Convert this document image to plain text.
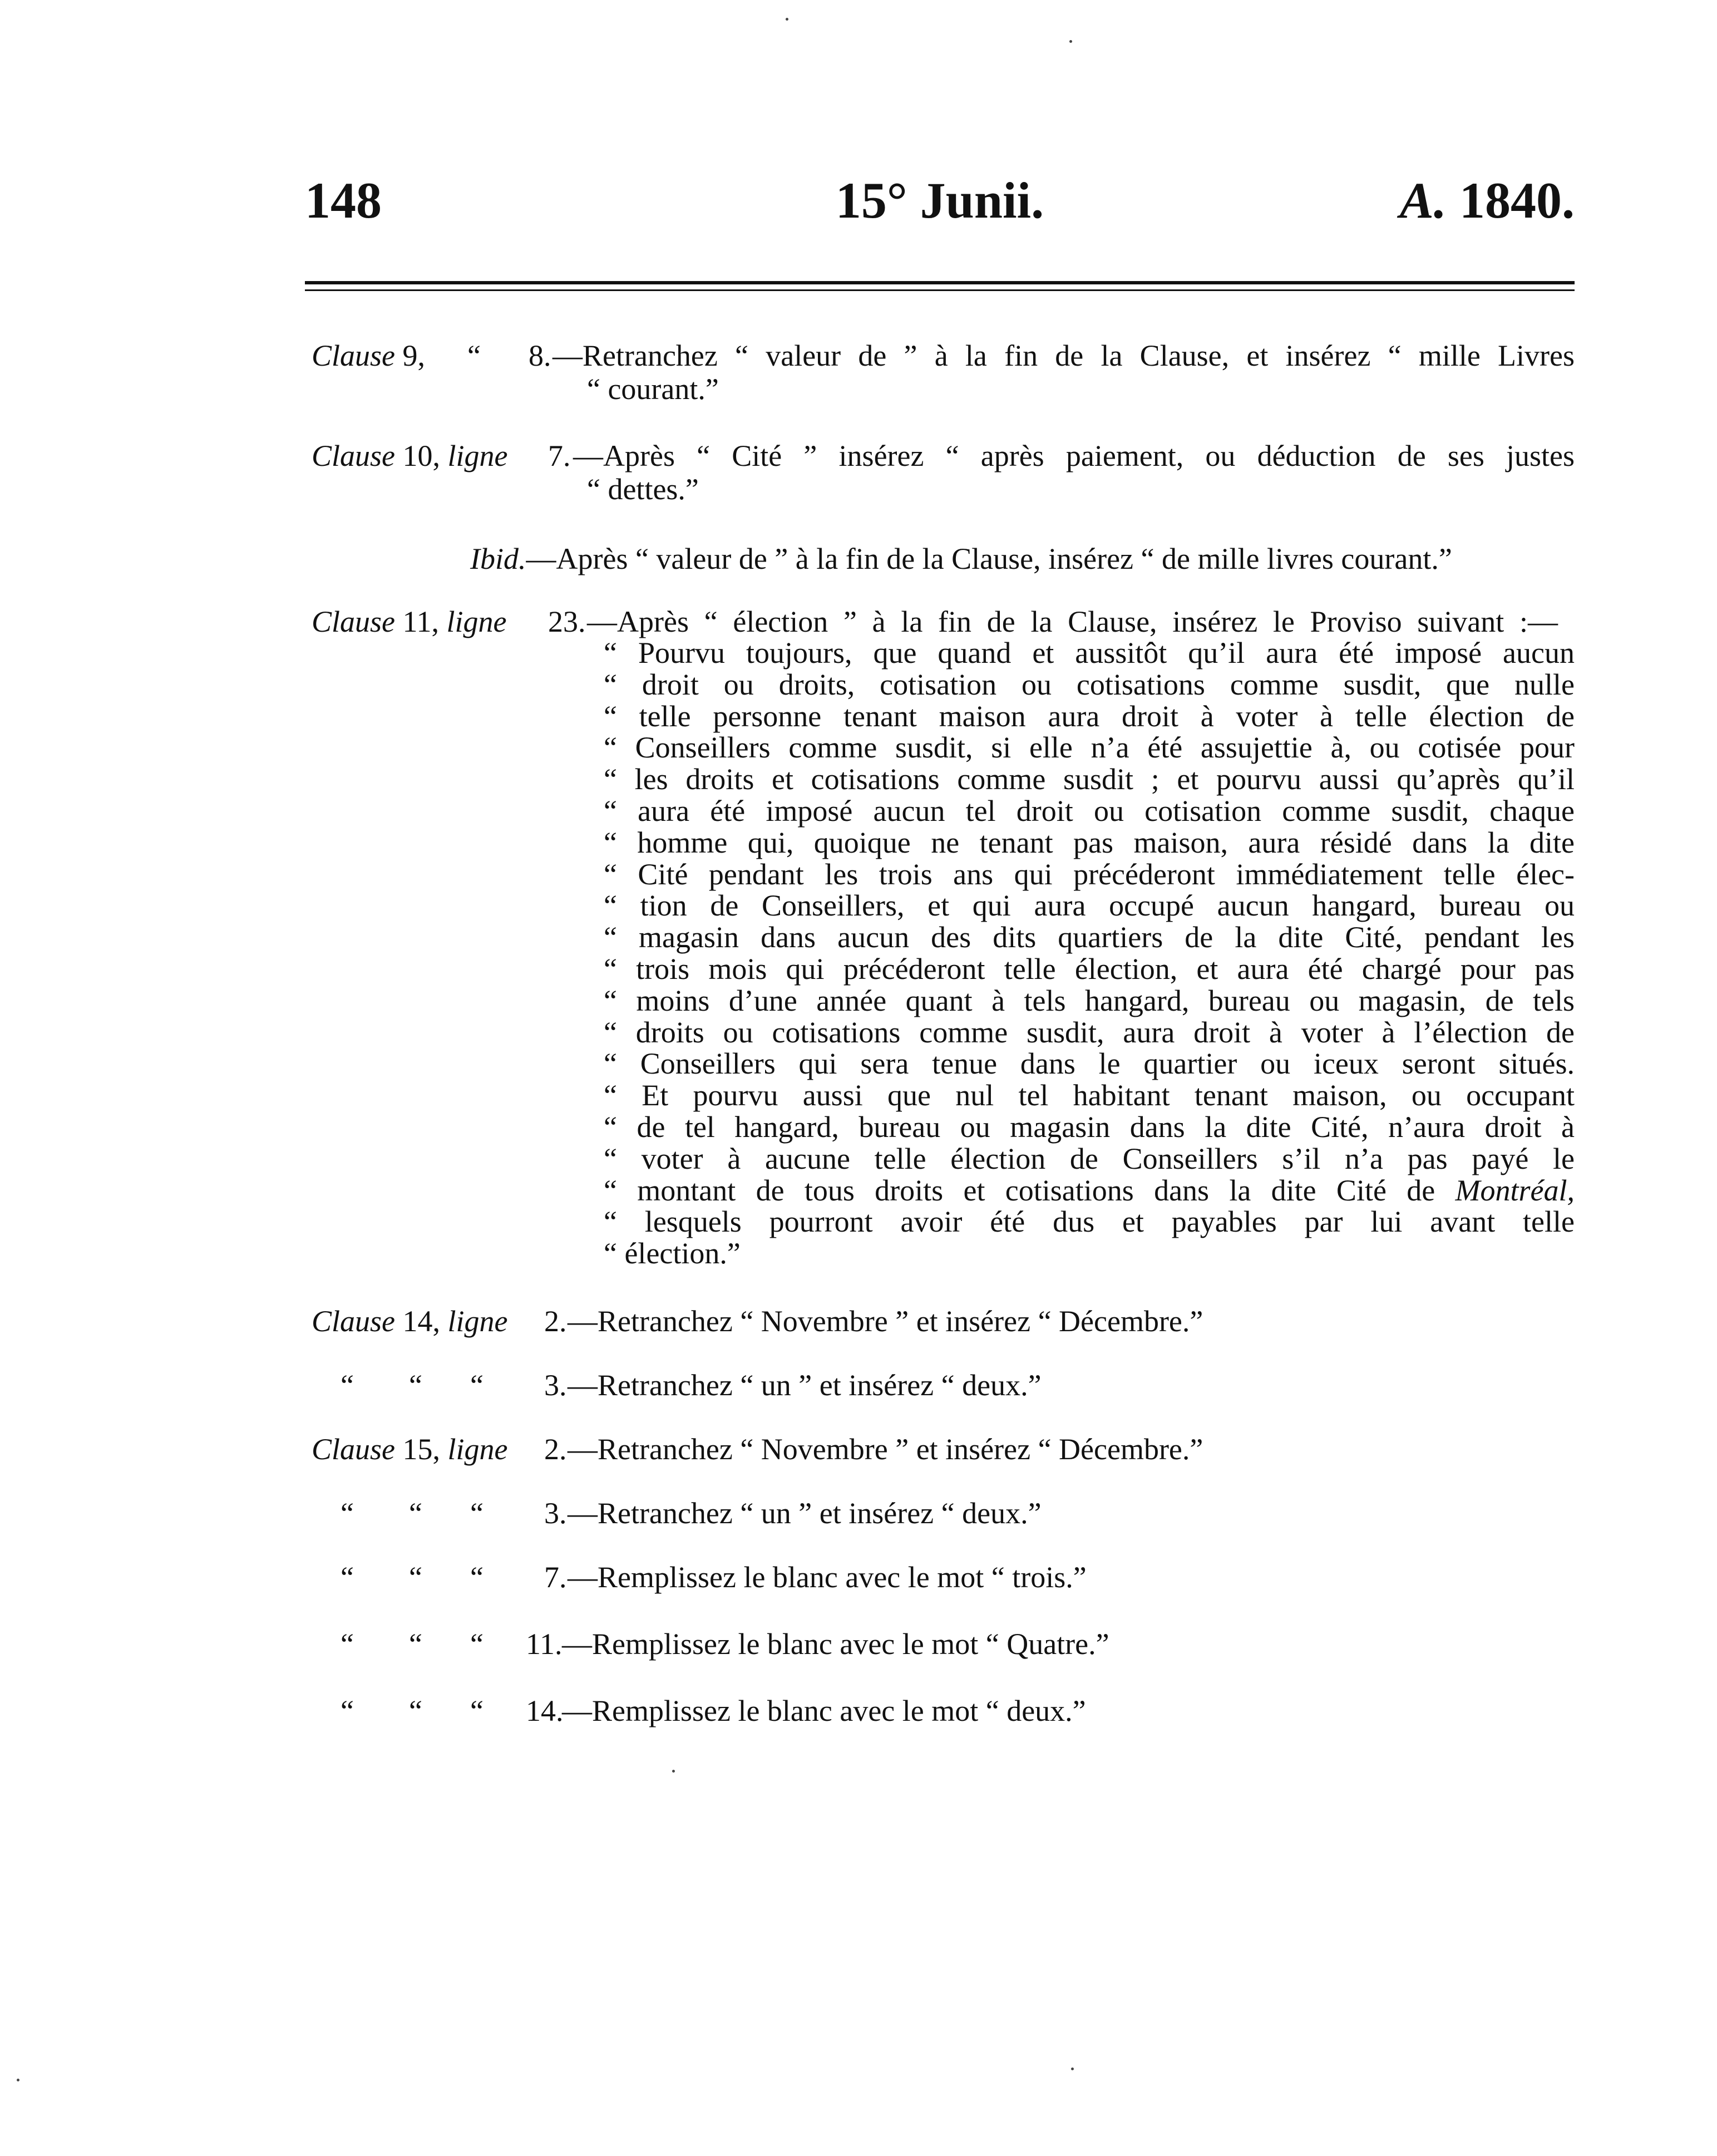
148	15° Junii.	A. 1840.
Clause 9, “ 8. —Retranchez “ valeur de ” à la fin de la Clause, et insérez “ mille Livres
“ courant.”
Clause 10, ligne 7. —Après “ Cité ” insérez “ après paiement, ou déduction de ses justes
“ dettes.”
Ibid.—Après “ valeur de ” à la fin de la Clause, insérez “ de mille livres courant.”
Clause 11, ligne 23. —Après “ élection ” à la fin de la Clause, insérez le Proviso suivant :—
“ Pourvu toujours, que quand et aussitôt qu’il aura été imposé aucun
“ droit ou droits, cotisation ou cotisations comme susdit, que nulle
“ telle personne tenant maison aura droit à voter à telle élection de
“ Conseillers comme susdit, si elle n’a été assujettie à, ou cotisée pour
“ les droits et cotisations comme susdit ; et pourvu aussi qu’après qu’il
“ aura été imposé aucun tel droit ou cotisation comme susdit, chaque
“ homme qui, quoique ne tenant pas maison, aura résidé dans la dite
“ Cité pendant les trois ans qui précéderont immédiatement telle élec-
“ tion de Conseillers, et qui aura occupé aucun hangard, bureau ou
“ magasin dans aucun des dits quartiers de la dite Cité, pendant les
“ trois mois qui précéderont telle élection, et aura été chargé pour pas
“ moins d’une année quant à tels hangard, bureau ou magasin, de tels
“ droits ou cotisations comme susdit, aura droit à voter à l’élection de
“ Conseillers qui sera tenue dans le quartier ou iceux seront situés.
“ Et pourvu aussi que nul tel habitant tenant maison, ou occupant
“ de tel hangard, bureau ou magasin dans la dite Cité, n’aura droit à
“ voter à aucune telle élection de Conseillers s’il n’a pas payé le
“ montant de tous droits et cotisations dans la dite Cité de Montréal,
“ lesquels pourront avoir été dus et payables par lui avant telle
“ élection.”
Clause 14, ligne 2. —Retranchez “ Novembre ” et insérez “ Décembre.”
“ “ “ 3. —Retranchez “ un ” et insérez “ deux.”
Clause 15, ligne 2. —Retranchez “ Novembre ” et insérez “ Décembre.”
“ “ “ 3. —Retranchez “ un ” et insérez “ deux.”
“ “ “ 7. —Remplissez le blanc avec le mot “ trois.”
“ “ “ 11. —Remplissez le blanc avec le mot “ Quatre.”
“ “ “ 14.
—Remplissez le blanc avec le mot “ deux.”
